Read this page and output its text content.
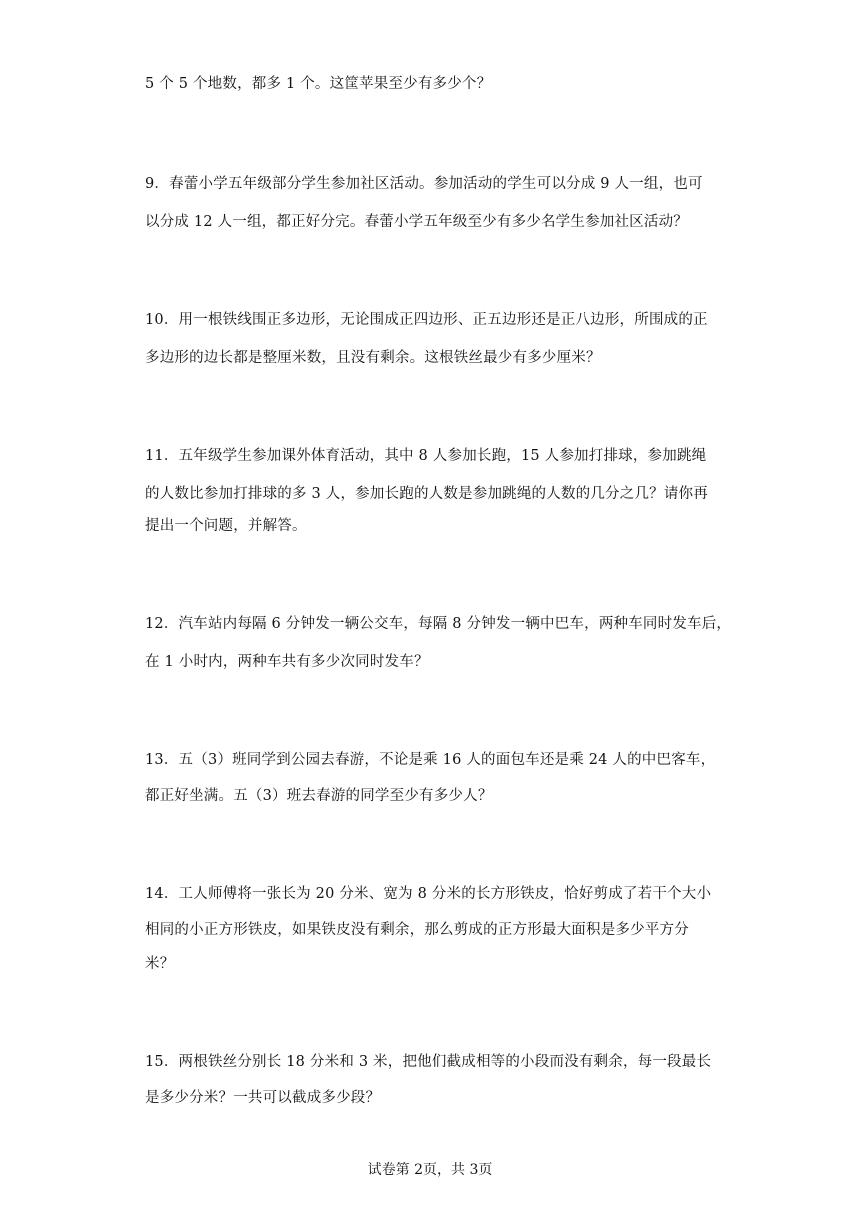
5 个 5 个地数，都多 1 个。这筐苹果至少有多少个？
9．春蕾小学五年级部分学生参加社区活动。参加活动的学生可以分成 9 人一组，也可
以分成 12 人一组，都正好分完。春蕾小学五年级至少有多少名学生参加社区活动？
10．用一根铁线围正多边形，无论围成正四边形、正五边形还是正八边形，所围成的正
多边形的边长都是整厘米数，且没有剩余。这根铁丝最少有多少厘米？
11．五年级学生参加课外体育活动，其中 8 人参加长跑，15 人参加打排球，参加跳绳
的人数比参加打排球的多 3 人，参加长跑的人数是参加跳绳的人数的几分之几？请你再
提出一个问题，并解答。
12．汽车站内每隔 6 分钟发一辆公交车，每隔 8 分钟发一辆中巴车，两种车同时发车后，
在 1 小时内，两种车共有多少次同时发车？
13．五（3）班同学到公园去春游，不论是乘 16 人的面包车还是乘 24 人的中巴客车，
都正好坐满。五（3）班去春游的同学至少有多少人？
14．工人师傅将一张长为 20 分米、宽为 8 分米的长方形铁皮，恰好剪成了若干个大小
相同的小正方形铁皮，如果铁皮没有剩余，那么剪成的正方形最大面积是多少平方分
米？
15．两根铁丝分别长 18 分米和 3 米，把他们截成相等的小段而没有剩余，每一段最长
是多少分米？一共可以截成多少段？
试卷第 2页，共 3页
